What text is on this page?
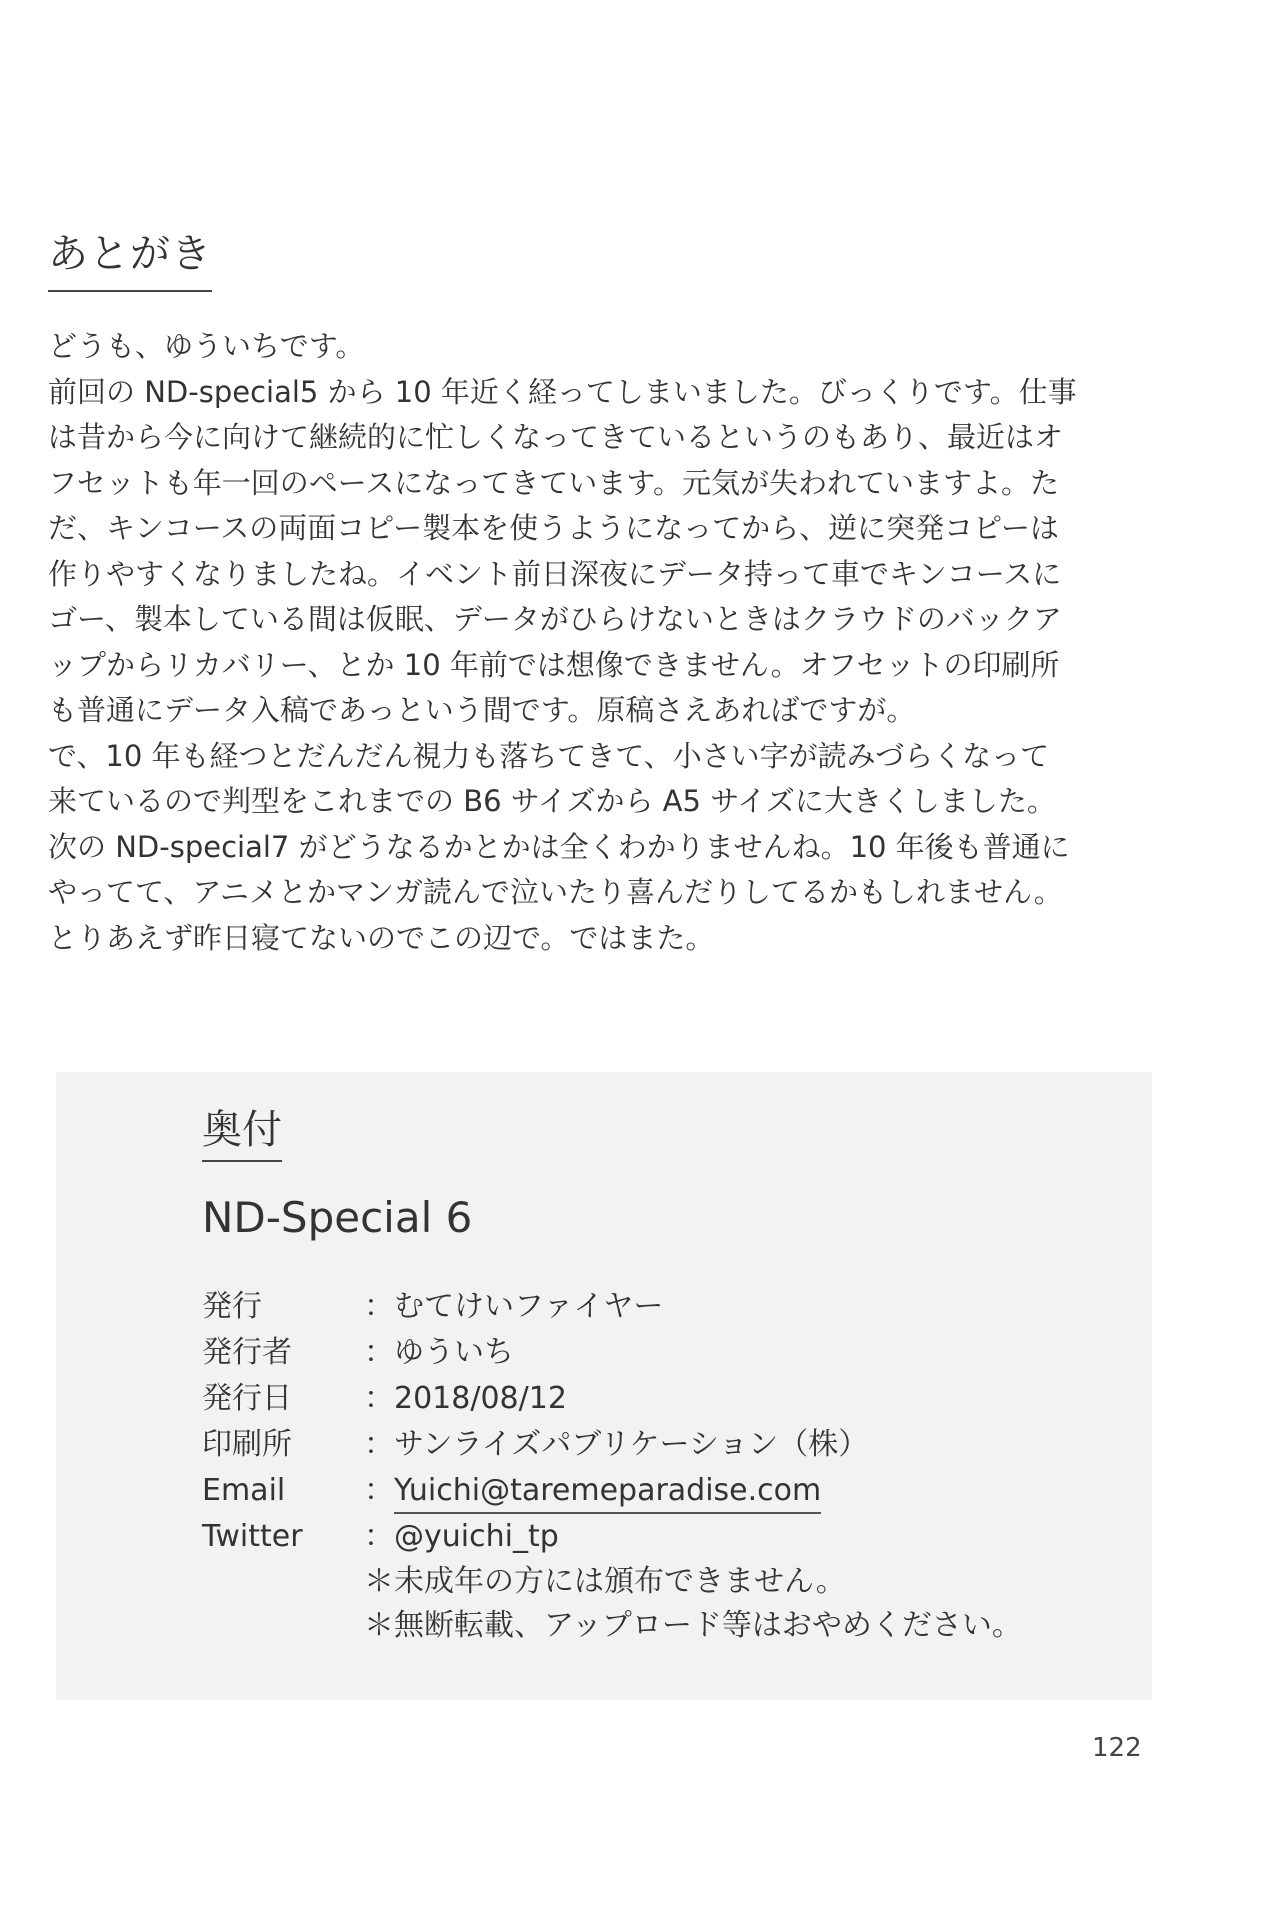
あとがき
どうも、ゆういちです。
前回の ND-special5 から 10 年近く経ってしまいました。びっくりです。仕事
は昔から今に向けて継続的に忙しくなってきているというのもあり、最近はオ
フセットも年一回のペースになってきています。元気が失われていますよ。た
だ、キンコースの両面コピー製本を使うようになってから、逆に突発コピーは
作りやすくなりましたね。イベント前日深夜にデータ持って車でキンコースに
ゴー、製本している間は仮眠、データがひらけないときはクラウドのバックア
ップからリカバリー、とか 10 年前では想像できません。オフセットの印刷所
も普通にデータ入稿であっという間です。原稿さえあればですが。
で、10 年も経つとだんだん視力も落ちてきて、小さい字が読みづらくなって
来ているので判型をこれまでの B6 サイズから A5 サイズに大きくしました。
次の ND-special7 がどうなるかとかは全くわかりませんね。10 年後も普通に
やってて、アニメとかマンガ読んで泣いたり喜んだりしてるかもしれません。
とりあえず昨日寝てないのでこの辺で。ではまた。
奥付
ND-Special 6
発行	：むてけいファイヤー
発行者	：ゆういち
発行日	：2018/08/12
印刷所	：サンライズパブリケーション（株）
Email	： Yuichi@taremeparadise.com
Twitter	：@yuichi_tp
＊未成年の方には頒布できません。
＊無断転載、アップロード等はおやめください。
122
